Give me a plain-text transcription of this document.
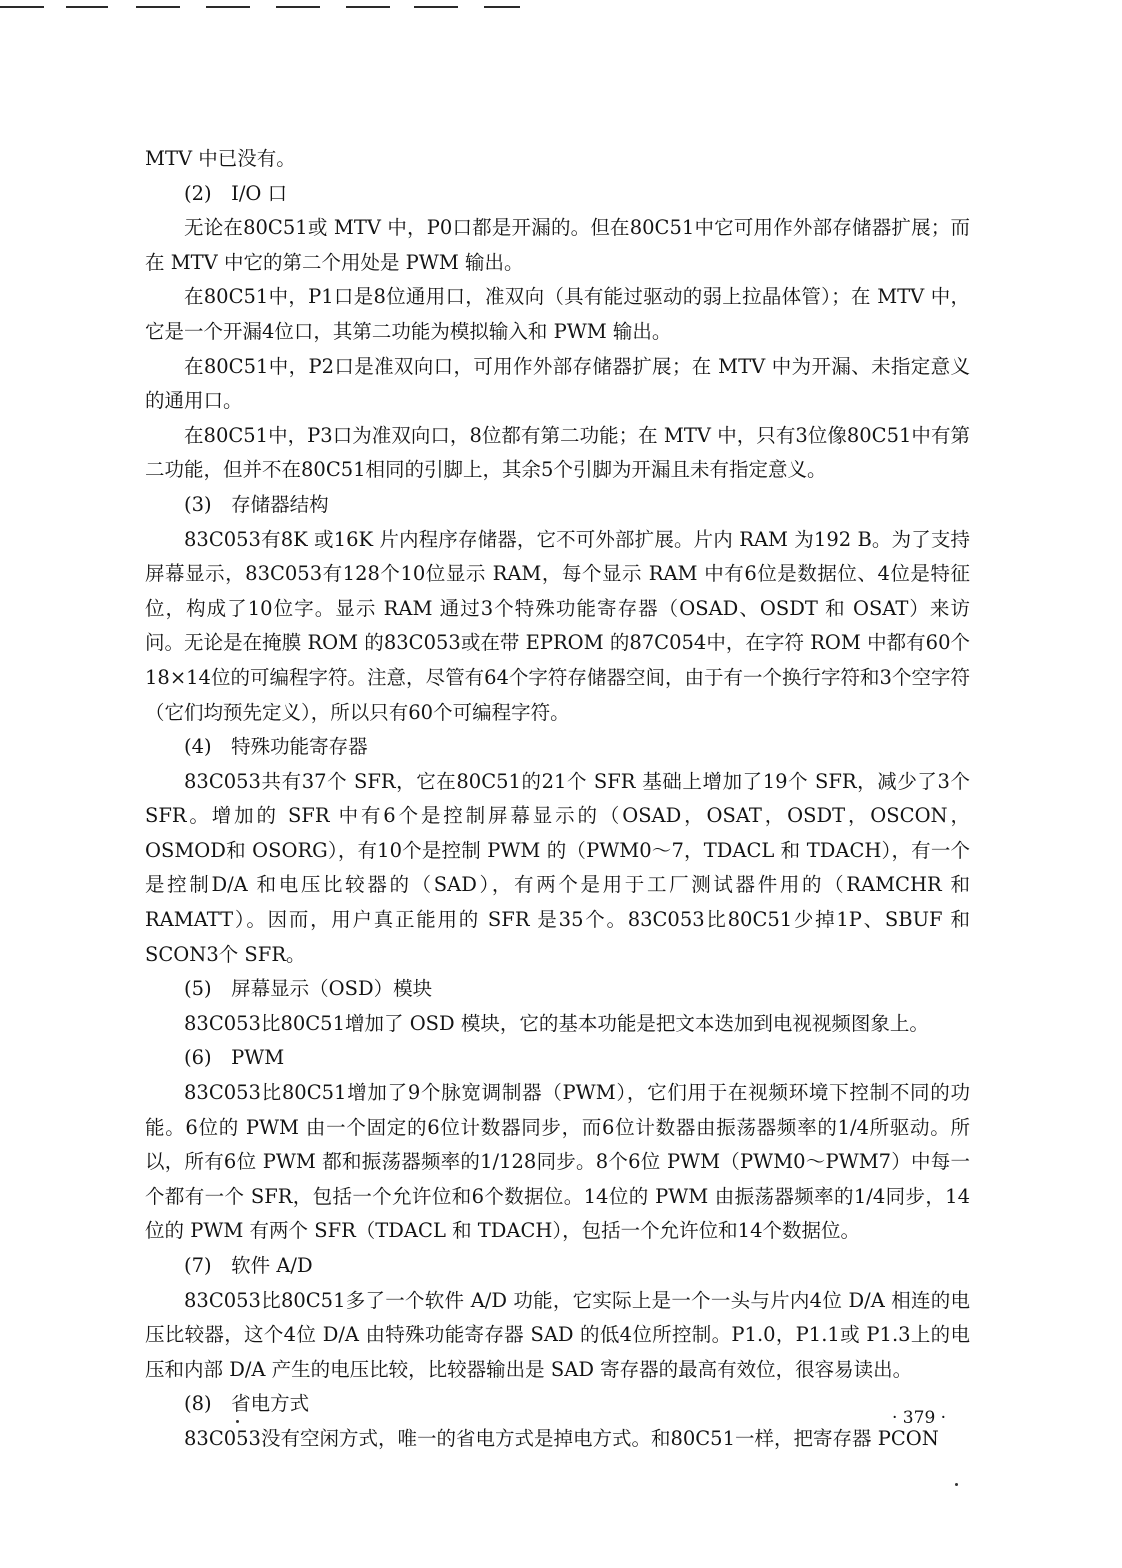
MTV 中已没有。

(2)　I/O 口

无论在80C51或 MTV 中，P0口都是开漏的。但在80C51中它可用作外部存储器扩展；而在 MTV 中它的第二个用处是 PWM 输出。

在80C51中，P1口是8位通用口，准双向（具有能过驱动的弱上拉晶体管）；在 MTV 中，它是一个开漏4位口，其第二功能为模拟输入和 PWM 输出。

在80C51中，P2口是准双向口，可用作外部存储器扩展；在 MTV 中为开漏、未指定意义的通用口。

在80C51中，P3口为准双向口，8位都有第二功能；在 MTV 中，只有3位像80C51中有第二功能，但并不在80C51相同的引脚上，其余5个引脚为开漏且未有指定意义。

(3)　存储器结构

83C053有8K 或16K 片内程序存储器，它不可外部扩展。片内 RAM 为192 B。为了支持屏幕显示，83C053有128个10位显示 RAM，每个显示 RAM 中有6位是数据位、4位是特征位，构成了10位字。显示 RAM 通过3个特殊功能寄存器（OSAD、OSDT 和 OSAT）来访问。无论是在掩膜 ROM 的83C053或在带 EPROM 的87C054中，在字符 ROM 中都有60个18×14位的可编程字符。注意，尽管有64个字符存储器空间，由于有一个换行字符和3个空字符（它们均预先定义），所以只有60个可编程字符。

(4)　特殊功能寄存器

83C053共有37个 SFR，它在80C51的21个 SFR 基础上增加了19个 SFR，减少了3个SFR。增加的 SFR 中有6个是控制屏幕显示的（OSAD，OSAT，OSDT，OSCON，OSMOD和 OSORG），有10个是控制 PWM 的（PWM0～7，TDACL 和 TDACH），有一个是控制D/A 和电压比较器的（SAD），有两个是用于工厂测试器件用的（RAMCHR 和RAMATT）。因而，用户真正能用的 SFR 是35个。83C053比80C51少掉1P、SBUF 和SCON3个 SFR。

(5)　屏幕显示（OSD）模块

83C053比80C51增加了 OSD 模块，它的基本功能是把文本迭加到电视视频图象上。

(6)　PWM

83C053比80C51增加了9个脉宽调制器（PWM），它们用于在视频环境下控制不同的功能。6位的 PWM 由一个固定的6位计数器同步，而6位计数器由振荡器频率的1/4所驱动。所以，所有6位 PWM 都和振荡器频率的1/128同步。8个6位 PWM（PWM0～PWM7）中每一个都有一个 SFR，包括一个允许位和6个数据位。14位的 PWM 由振荡器频率的1/4同步，14位的 PWM 有两个 SFR（TDACL 和 TDACH），包括一个允许位和14个数据位。

(7)　软件 A/D

83C053比80C51多了一个软件 A/D 功能，它实际上是一个一头与片内4位 D/A 相连的电压比较器，这个4位 D/A 由特殊功能寄存器 SAD 的低4位所控制。P1.0，P1.1或 P1.3上的电压和内部 D/A 产生的电压比较，比较器输出是 SAD 寄存器的最高有效位，很容易读出。

(8)　省电方式

83C053没有空闲方式，唯一的省电方式是掉电方式。和80C51一样，把寄存器 PCON

· 379 ·
